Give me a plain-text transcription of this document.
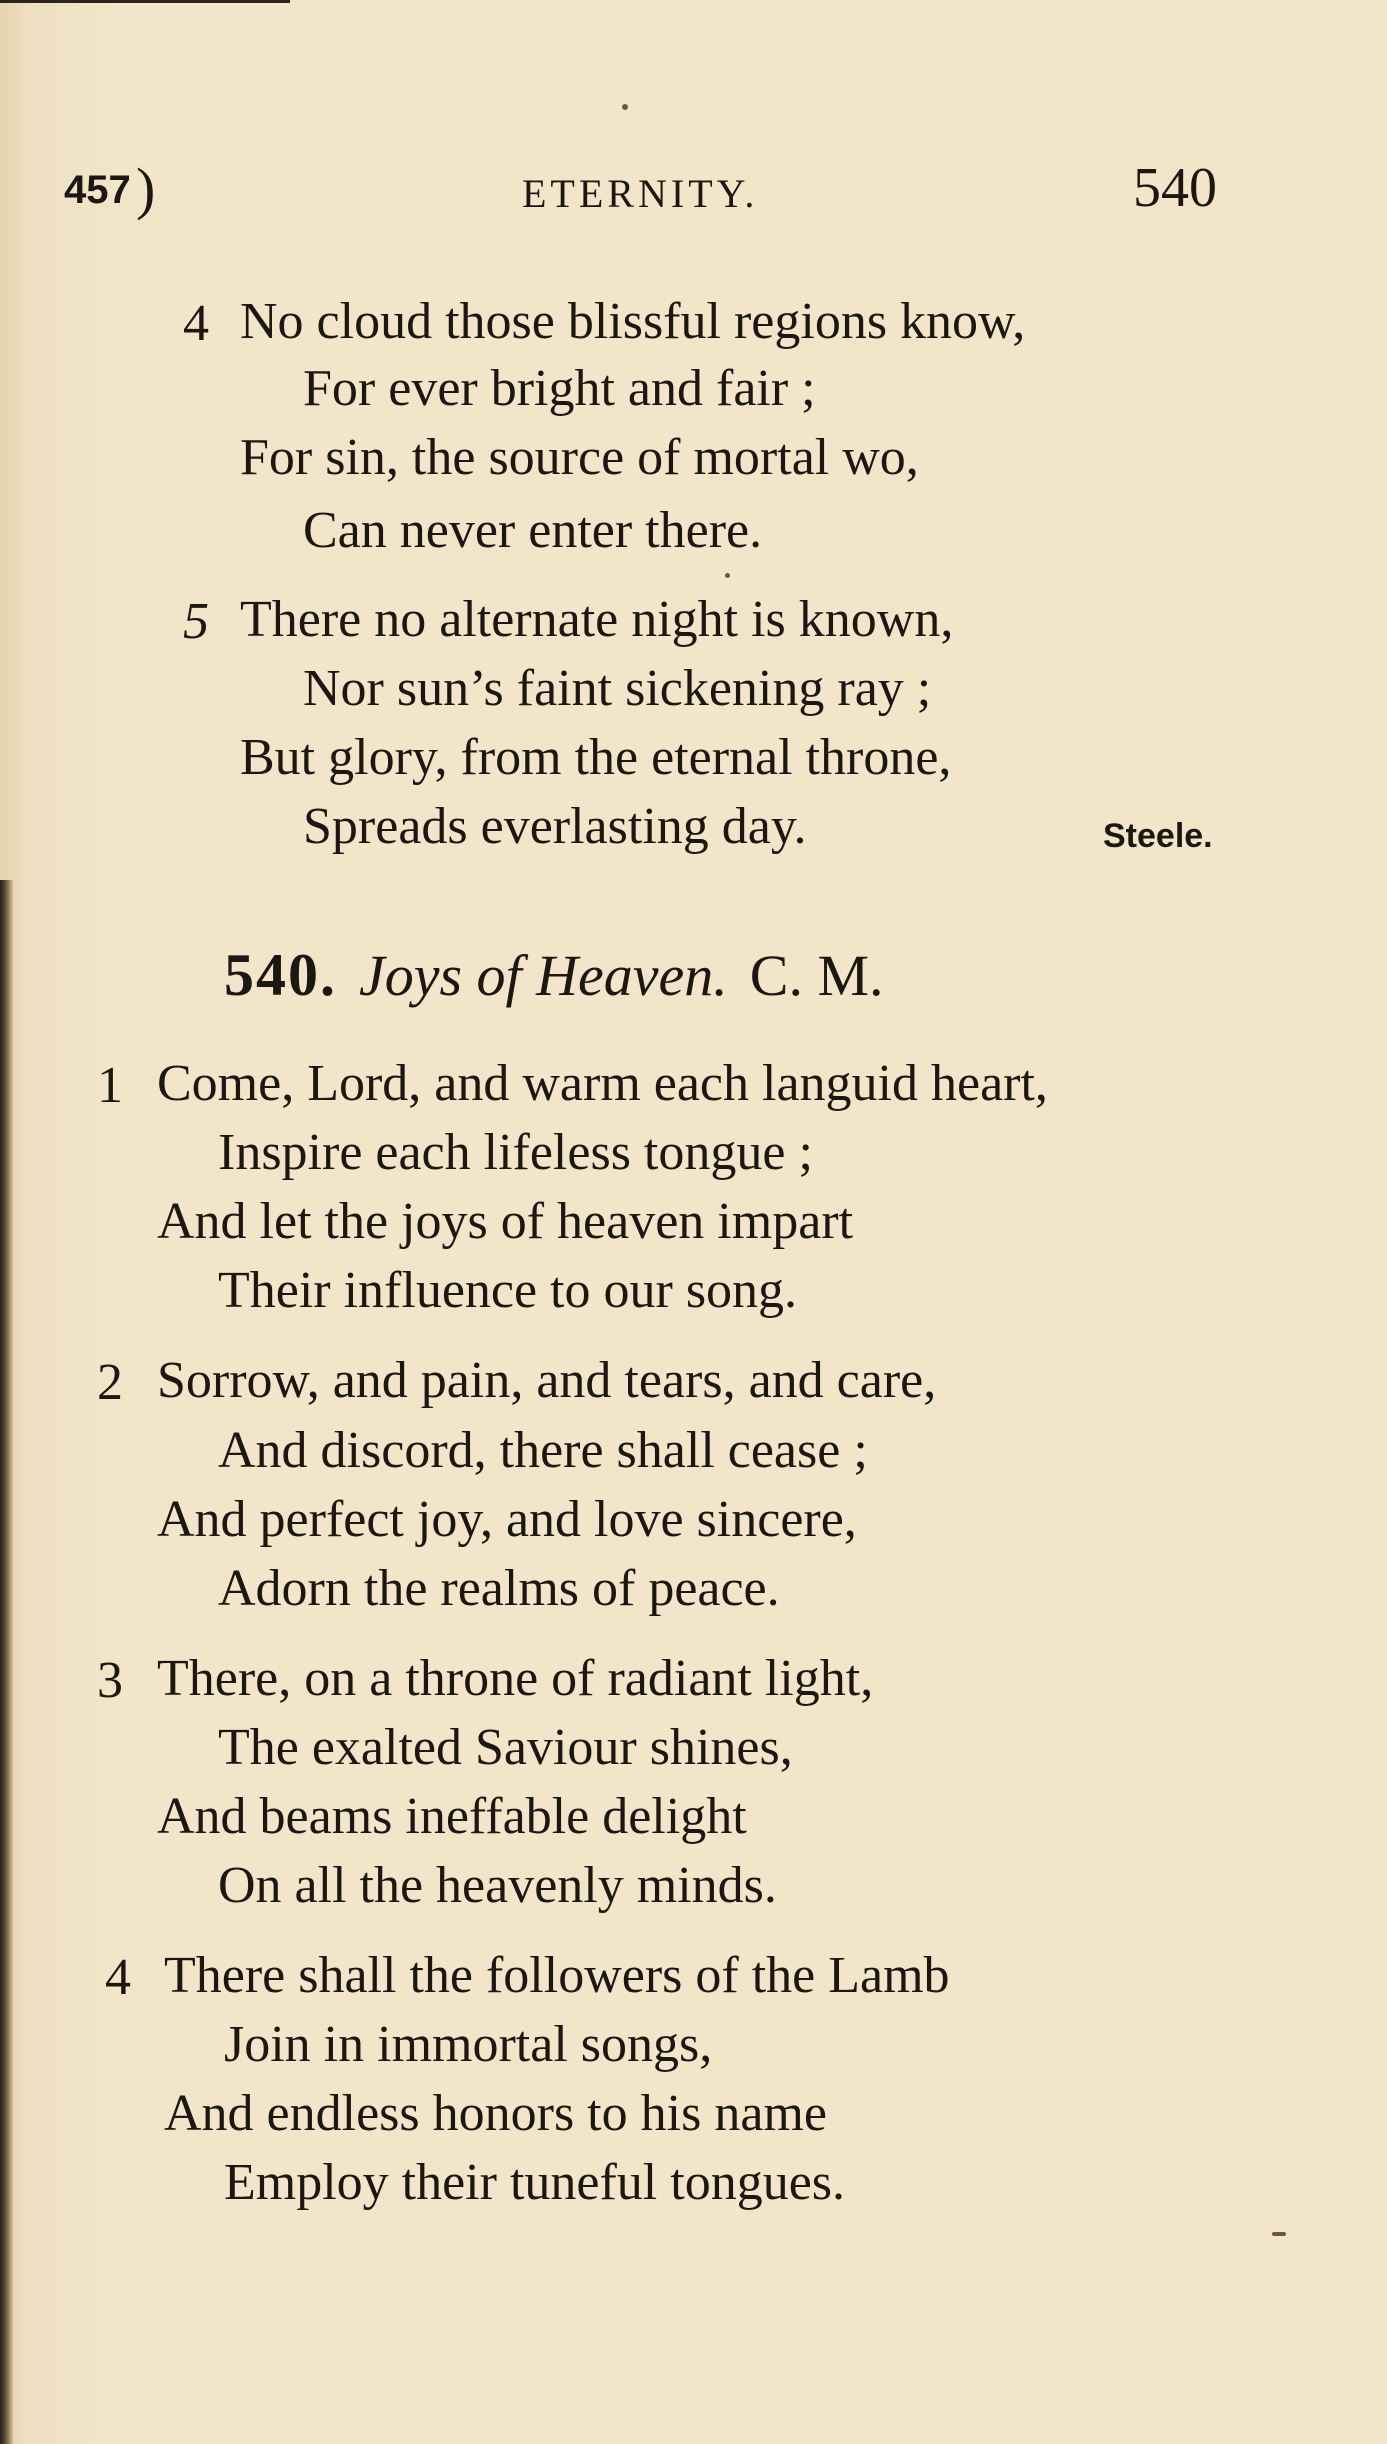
457 )	ETERNITY.	540
4 No cloud those blissful regions know,
For ever bright and fair ;
For sin, the source of mortal wo,
Can never enter there.
5 There no alternate night is known,
Nor sun’s faint sickening ray ;
But glory, from the eternal throne,
Spreads everlasting day.	Steele.
540. Joys of Heaven. C. M.
1 Come, Lord, and warm each languid heart,
Inspire each lifeless tongue ;
And let the joys of heaven impart
Their influence to our song.
2 Sorrow, and pain, and tears, and care,
And discord, there shall cease ;
And perfect joy, and love sincere,
Adorn the realms of peace.
3 There, on a throne of radiant light,
The exalted Saviour shines,
And beams ineffable delight
On all the heavenly minds.
4 There shall the followers of the Lamb
Join in immortal songs,
And endless honors to his name
Employ their tuneful tongues.
